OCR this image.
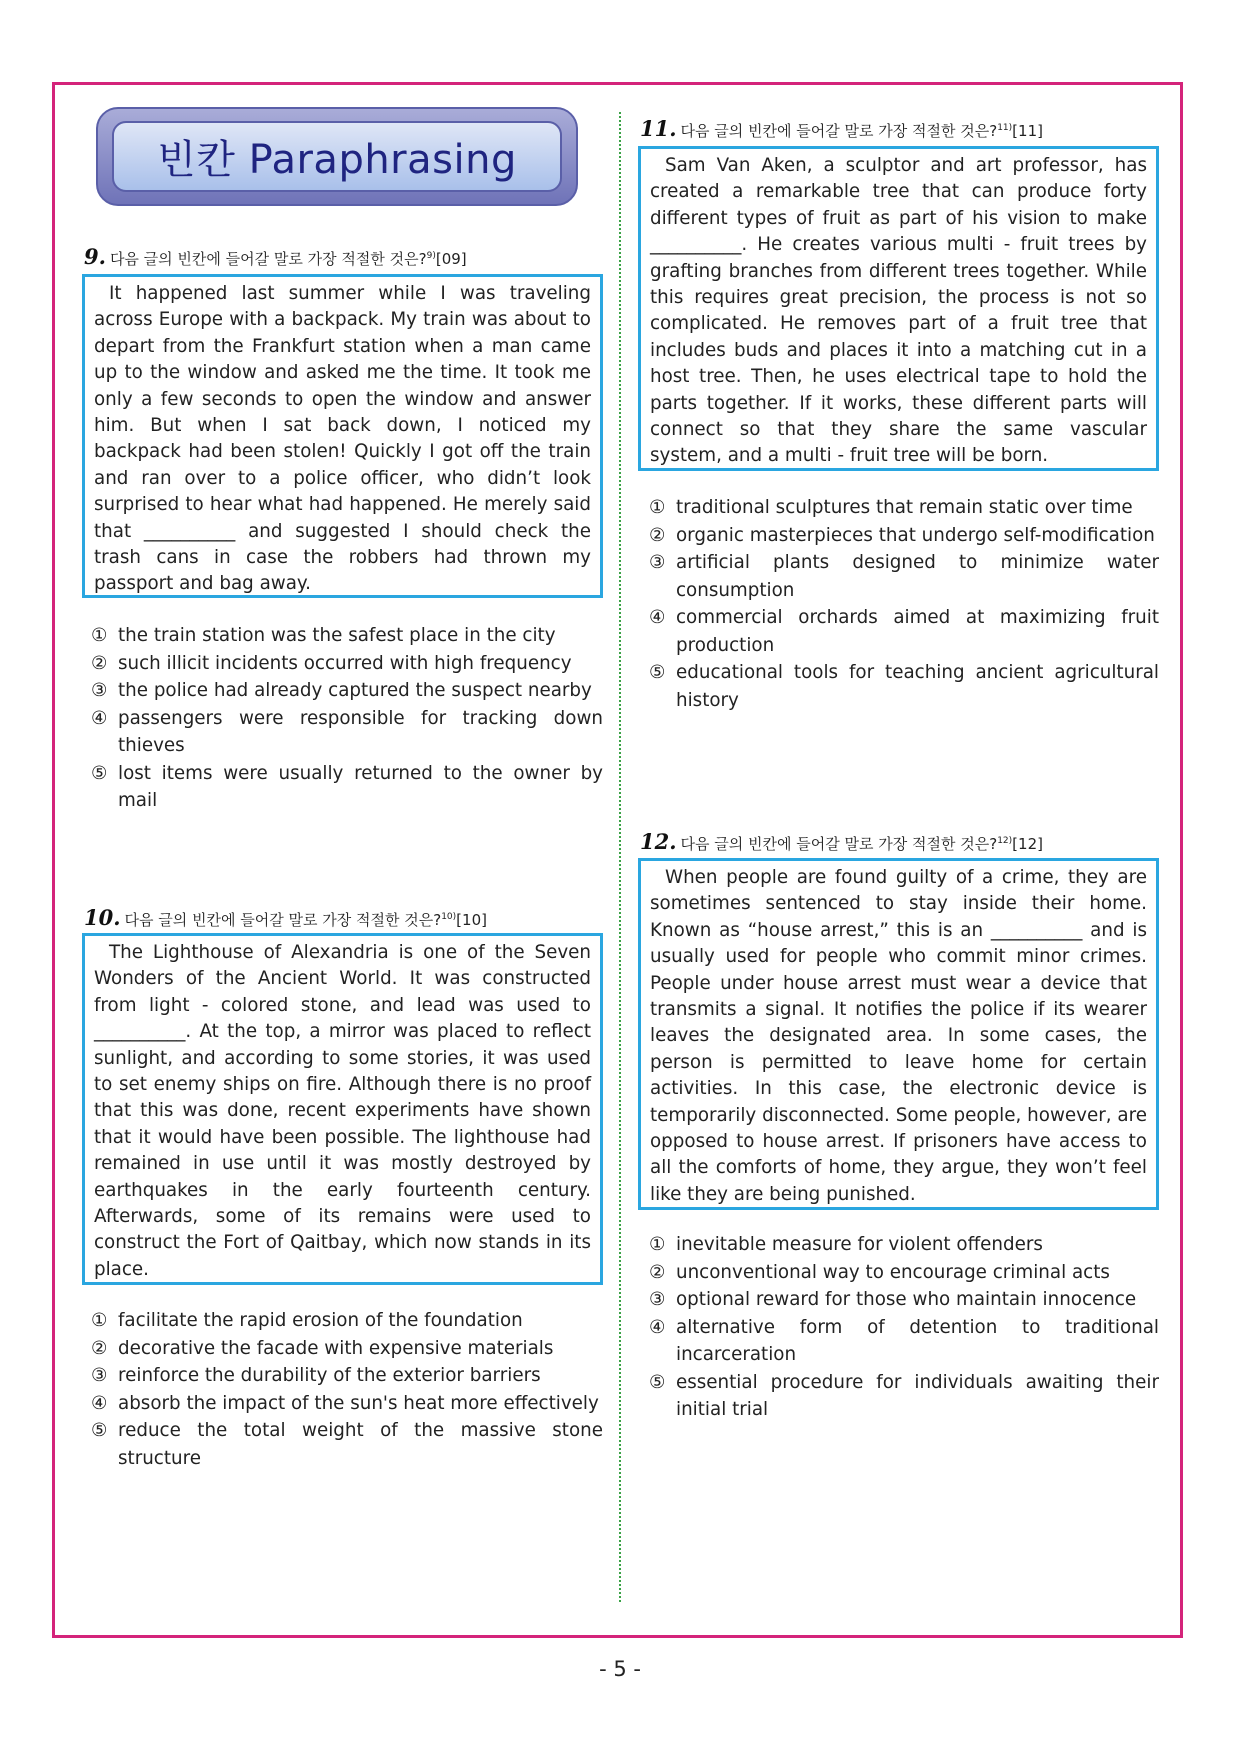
빈칸 Paraphrasing
9. 다음 글의 빈칸에 들어갈 말로 가장 적절한 것은?$^{9)}$[09]
It happened last summer while I was traveling across Europe with a backpack. My train was about to depart from the Frankfurt station when a man came up to the window and asked me the time. It took me only a few seconds to open the window and answer him. But when I sat back down, I noticed my backpack had been stolen! Quickly I got off the train and ran over to a police officer, who didn’t look surprised to hear what had happened. He merely said that __________ and suggested I should check the trash cans in case the robbers had thrown my passport and bag away.
① the train station was the safest place in the city
② such illicit incidents occurred with high frequency
③ the police had already captured the suspect nearby
④ passengers were responsible for tracking down thieves
⑤ lost items were usually returned to the owner by mail
10. 다음 글의 빈칸에 들어갈 말로 가장 적절한 것은?$^{10)}$[10]
The Lighthouse of Alexandria is one of the Seven Wonders of the Ancient World. It was constructed from light - colored stone, and lead was used to __________. At the top, a mirror was placed to reflect sunlight, and according to some stories, it was used to set enemy ships on fire. Although there is no proof that this was done, recent experiments have shown that it would have been possible. The lighthouse had remained in use until it was mostly destroyed by earthquakes in the early fourteenth century. Afterwards, some of its remains were used to construct the Fort of Qaitbay, which now stands in its place.
① facilitate the rapid erosion of the foundation
② decorative the facade with expensive materials
③ reinforce the durability of the exterior barriers
④ absorb the impact of the sun's heat more effectively
⑤ reduce the total weight of the massive stone structure
11. 다음 글의 빈칸에 들어갈 말로 가장 적절한 것은?$^{11)}$[11]
Sam Van Aken, a sculptor and art professor, has created a remarkable tree that can produce forty different types of fruit as part of his vision to make __________. He creates various multi - fruit trees by grafting branches from different trees together. While this requires great precision, the process is not so complicated. He removes part of a fruit tree that includes buds and places it into a matching cut in a host tree. Then, he uses electrical tape to hold the parts together. If it works, these different parts will connect so that they share the same vascular system, and a multi - fruit tree will be born.
① traditional sculptures that remain static over time
② organic masterpieces that undergo self-modification
③ artificial plants designed to minimize water consumption
④ commercial orchards aimed at maximizing fruit production
⑤ educational tools for teaching ancient agricultural history
12. 다음 글의 빈칸에 들어갈 말로 가장 적절한 것은?$^{12)}$[12]
When people are found guilty of a crime, they are sometimes sentenced to stay inside their home. Known as “house arrest,” this is an __________ and is usually used for people who commit minor crimes. People under house arrest must wear a device that transmits a signal. It notifies the police if its wearer leaves the designated area. In some cases, the person is permitted to leave home for certain activities. In this case, the electronic device is temporarily disconnected. Some people, however, are opposed to house arrest. If prisoners have access to all the comforts of home, they argue, they won’t feel like they are being punished.
① inevitable measure for violent offenders
② unconventional way to encourage criminal acts
③ optional reward for those who maintain innocence
④ alternative form of detention to traditional incarceration
⑤ essential procedure for individuals awaiting their initial trial
- 5 -
